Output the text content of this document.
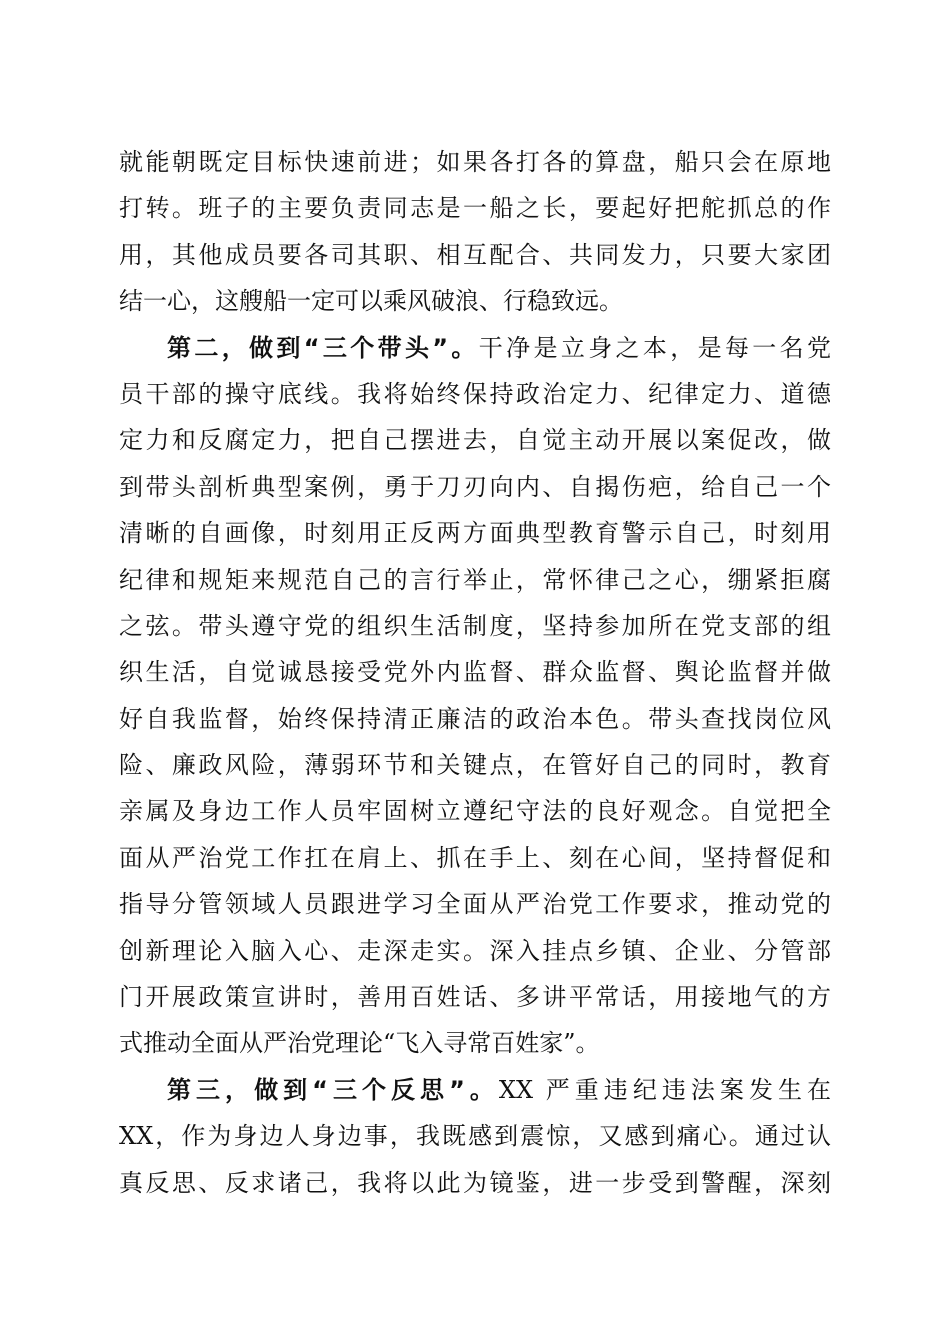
就能朝既定目标快速前进；如果各打各的算盘，船只会在原地
打转。班子的主要负责同志是一船之长，要起好把舵抓总的作
用，其他成员要各司其职、相互配合、共同发力，只要大家团
结一心，这艘船一定可以乘风破浪、行稳致远。
第二，做到“三个带头”。干净是立身之本，是每一名党
员干部的操守底线。我将始终保持政治定力、纪律定力、道德
定力和反腐定力，把自己摆进去，自觉主动开展以案促改，做
到带头剖析典型案例，勇于刀刃向内、自揭伤疤，给自己一个
清晰的自画像，时刻用正反两方面典型教育警示自己，时刻用
纪律和规矩来规范自己的言行举止，常怀律己之心，绷紧拒腐
之弦。带头遵守党的组织生活制度，坚持参加所在党支部的组
织生活，自觉诚恳接受党外内监督、群众监督、舆论监督并做
好自我监督，始终保持清正廉洁的政治本色。带头查找岗位风
险、廉政风险，薄弱环节和关键点，在管好自己的同时，教育
亲属及身边工作人员牢固树立遵纪守法的良好观念。自觉把全
面从严治党工作扛在肩上、抓在手上、刻在心间，坚持督促和
指导分管领域人员跟进学习全面从严治党工作要求，推动党的
创新理论入脑入心、走深走实。深入挂点乡镇、企业、分管部
门开展政策宣讲时，善用百姓话、多讲平常话，用接地气的方
式推动全面从严治党理论“飞入寻常百姓家”。
第三，做到“三个反思”。XX 严重违纪违法案发生在
XX，作为身边人身边事，我既感到震惊，又感到痛心。通过认
真反思、反求诸己，我将以此为镜鉴，进一步受到警醒，深刻
